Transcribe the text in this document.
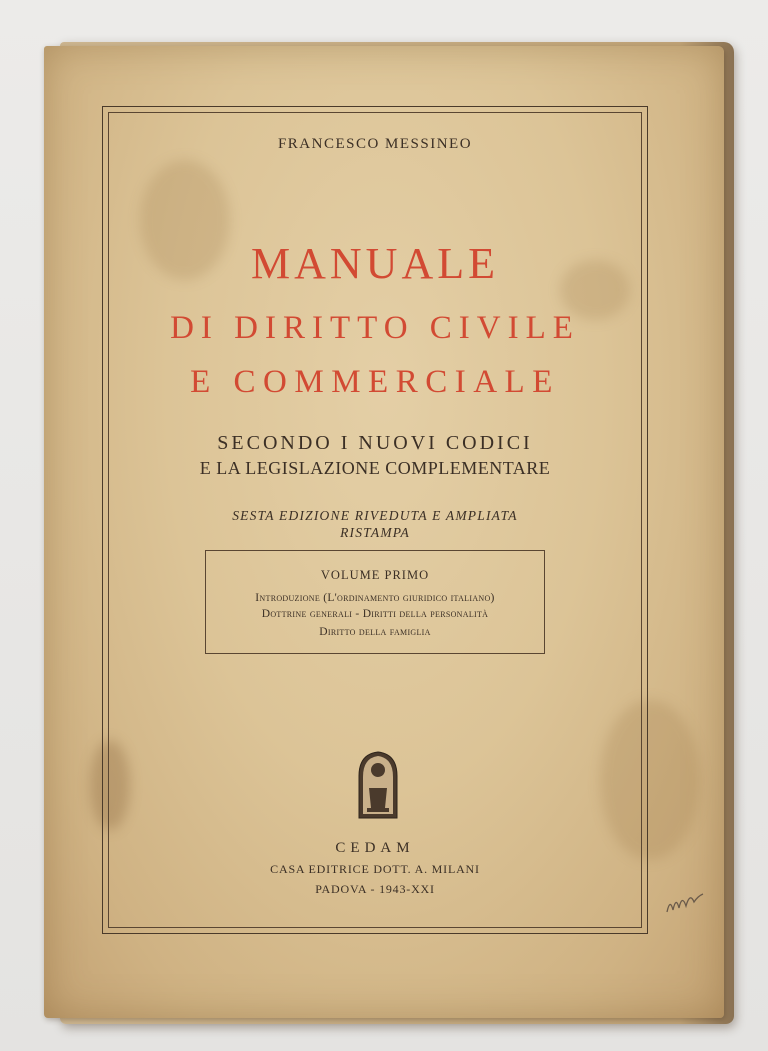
FRANCESCO MESSINEO
MANUALE
DI DIRITTO CIVILE
E COMMERCIALE
SECONDO I NUOVI CODICI
E LA LEGISLAZIONE COMPLEMENTARE
SESTA EDIZIONE RIVEDUTA E AMPLIATA
RISTAMPA
VOLUME PRIMO
Introduzione (L'ordinamento giuridico italiano)
Dottrine generali - Diritti della personalità
Diritto della famiglia
CEDAM
CASA EDITRICE DOTT. A. MILANI
PADOVA - 1943-XXI
